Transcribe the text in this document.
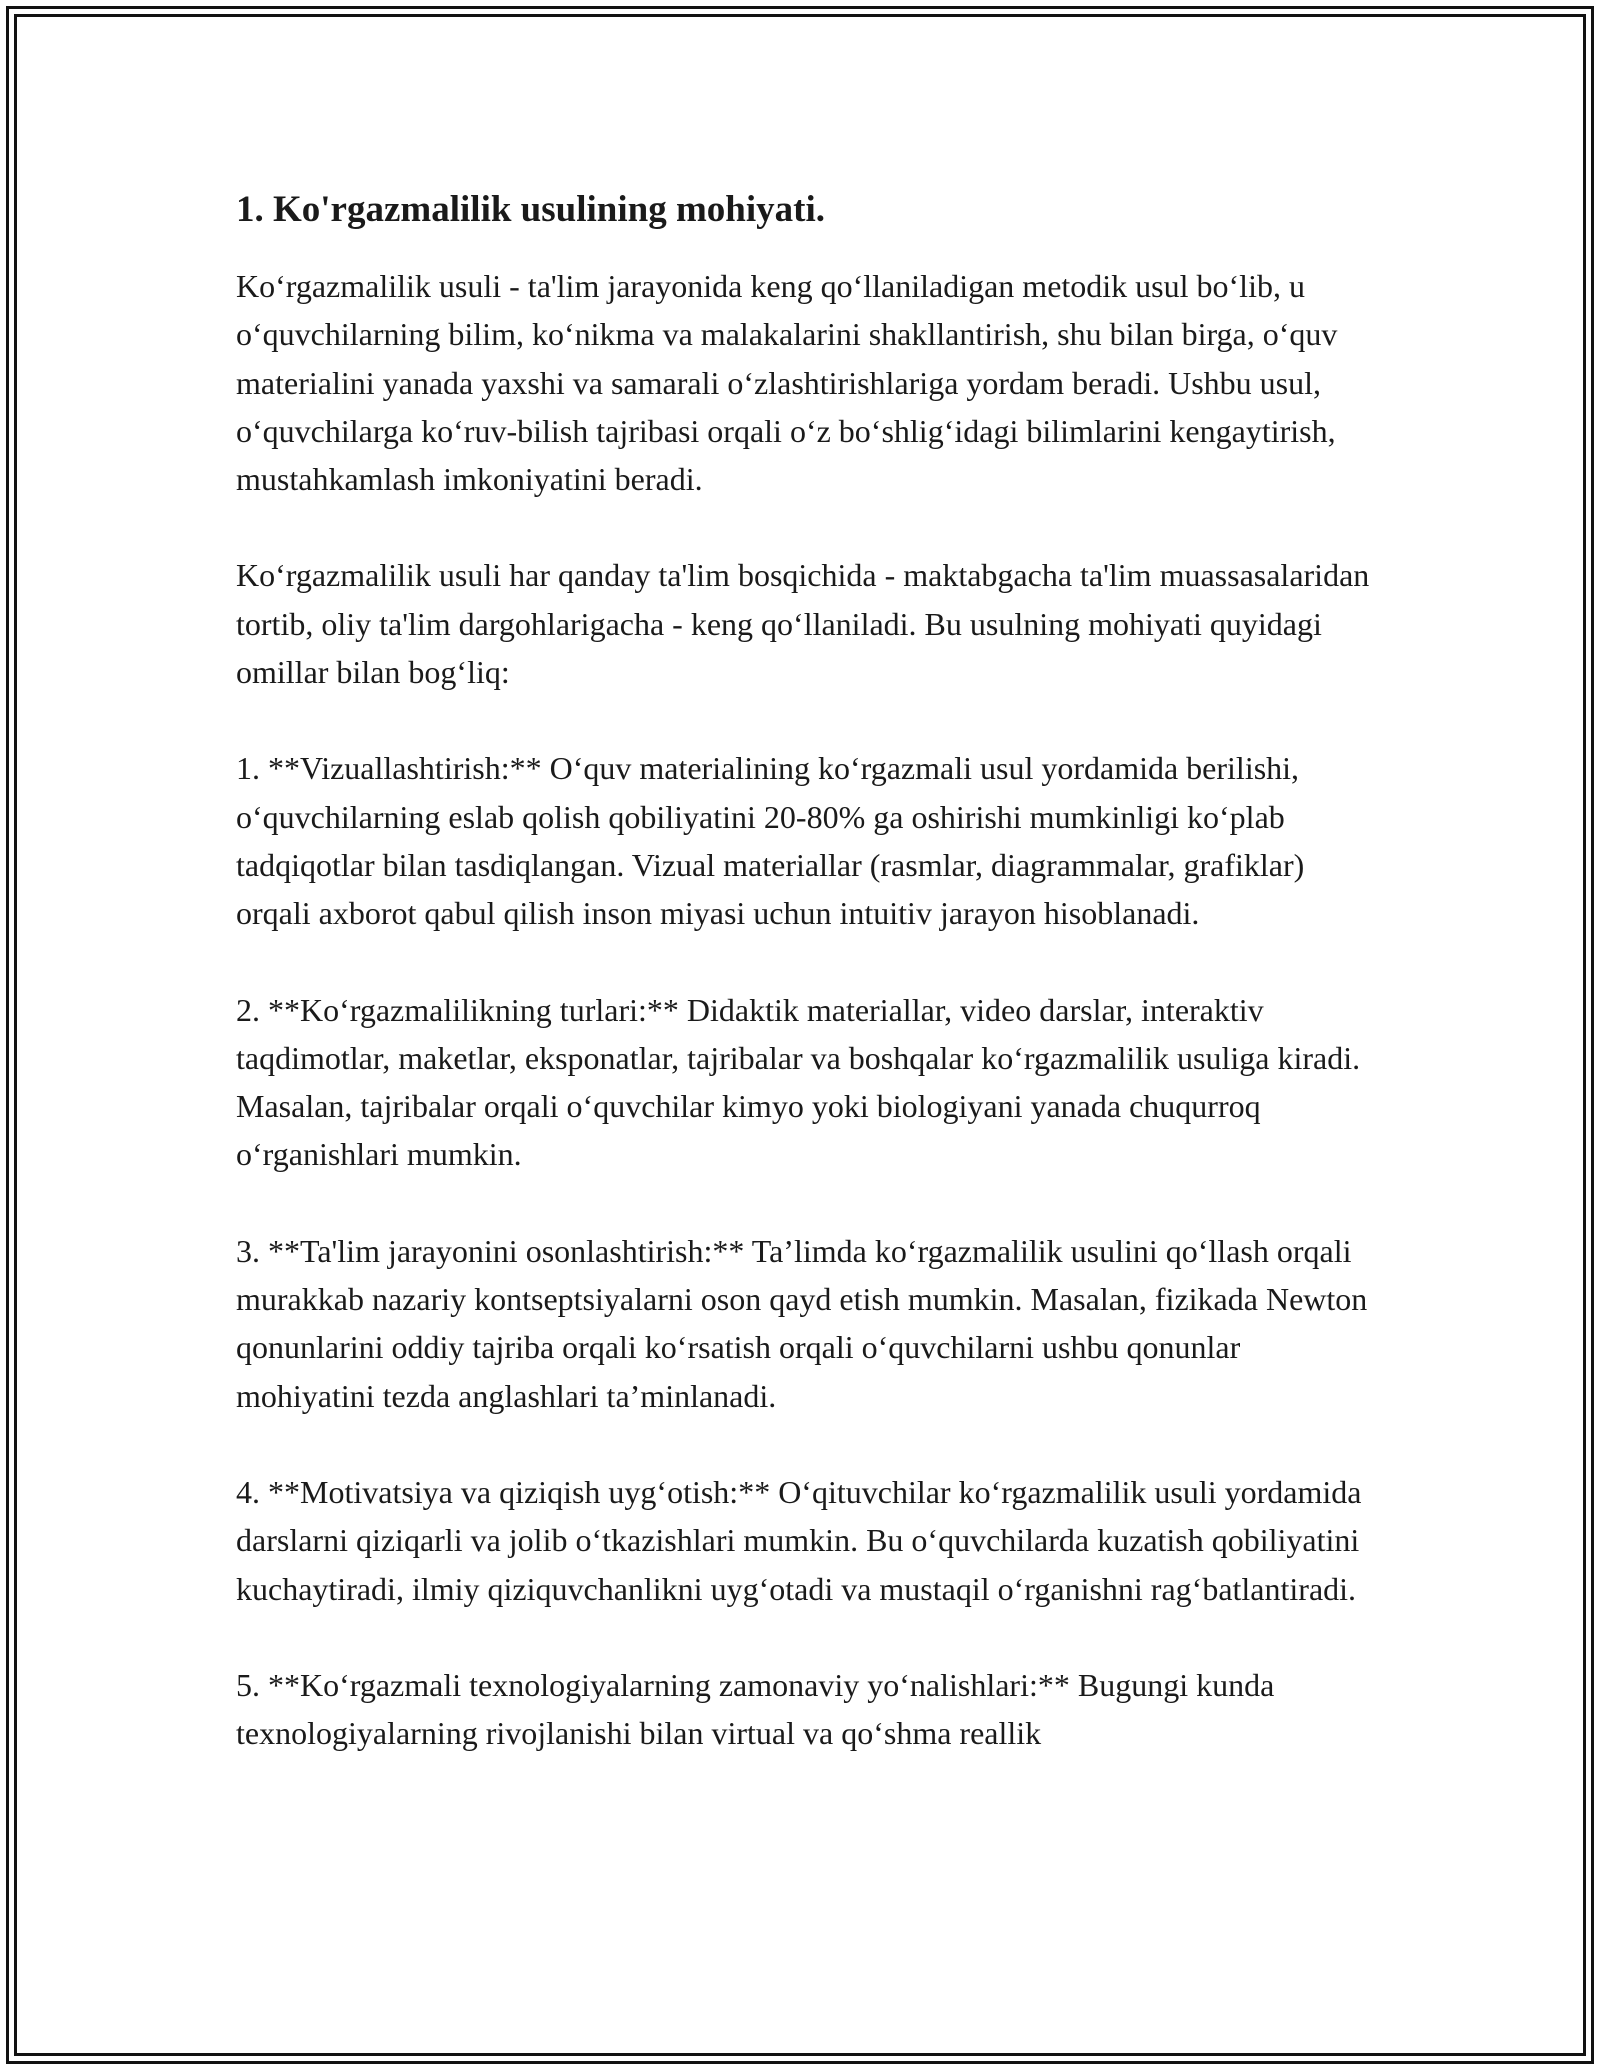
1. Ko'rgazmalilik usulining mohiyati.

Ko‘rgazmalilik usuli - ta'lim jarayonida keng qo‘llaniladigan metodik usul bo‘lib, u o‘quvchilarning bilim, ko‘nikma va malakalarini shakllantirish, shu bilan birga, o‘quv materialini yanada yaxshi va samarali o‘zlashtirishlariga yordam beradi. Ushbu usul, o‘quvchilarga ko‘ruv-bilish tajribasi orqali o‘z bo‘shlig‘idagi bilimlarini kengaytirish, mustahkamlash imkoniyatini beradi.

Ko‘rgazmalilik usuli har qanday ta'lim bosqichida - maktabgacha ta'lim muassasalaridan tortib, oliy ta'lim dargohlarigacha - keng qo‘llaniladi. Bu usulning mohiyati quyidagi omillar bilan bog‘liq:

1. **Vizuallashtirish:** O‘quv materialining ko‘rgazmali usul yordamida berilishi, o‘quvchilarning eslab qolish qobiliyatini 20-80% ga oshirishi mumkinligi ko‘plab tadqiqotlar bilan tasdiqlangan. Vizual materiallar (rasmlar, diagrammalar, grafiklar) orqali axborot qabul qilish inson miyasi uchun intuitiv jarayon hisoblanadi.

2. **Ko‘rgazmalilikning turlari:** Didaktik materiallar, video darslar, interaktiv taqdimotlar, maketlar, eksponatlar, tajribalar va boshqalar ko‘rgazmalilik usuliga kiradi. Masalan, tajribalar orqali o‘quvchilar kimyo yoki biologiyani yanada chuqurroq o‘rganishlari mumkin.

3. **Ta'lim jarayonini osonlashtirish:** Ta’limda ko‘rgazmalilik usulini qo‘llash orqali murakkab nazariy kontseptsiyalarni oson qayd etish mumkin. Masalan, fizikada Newton qonunlarini oddiy tajriba orqali ko‘rsatish orqali o‘quvchilarni ushbu qonunlar mohiyatini tezda anglashlari ta’minlanadi.

4. **Motivatsiya va qiziqish uyg‘otish:** O‘qituvchilar ko‘rgazmalilik usuli yordamida darslarni qiziqarli va jolib o‘tkazishlari mumkin. Bu o‘quvchilarda kuzatish qobiliyatini kuchaytiradi, ilmiy qiziquvchanlikni uyg‘otadi va mustaqil o‘rganishni rag‘batlantiradi.

5. **Ko‘rgazmali texnologiyalarning zamonaviy yo‘nalishlari:** Bugungi kunda texnologiyalarning rivojlanishi bilan virtual va qo‘shma reallik
